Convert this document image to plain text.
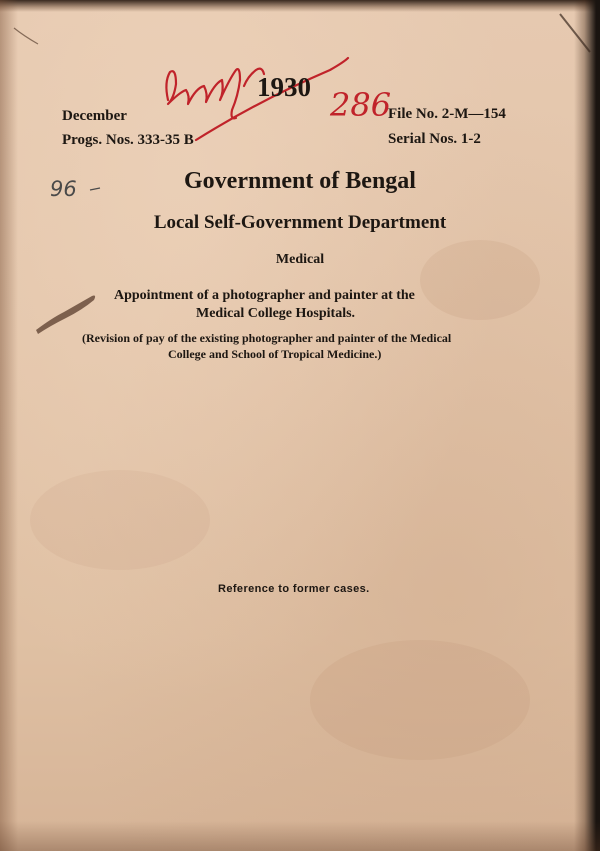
286
96
1930
December
Progs. Nos. 333-35 B
File No. 2-M—154
Serial Nos. 1-2
Government of Bengal
Local Self-Government Department
Medical
Appointment of a photographer and painter at the
Medical College Hospitals.
(Revision of pay of the existing photographer and painter of the Medical
College and School of Tropical Medicine.)
Reference to former cases.
